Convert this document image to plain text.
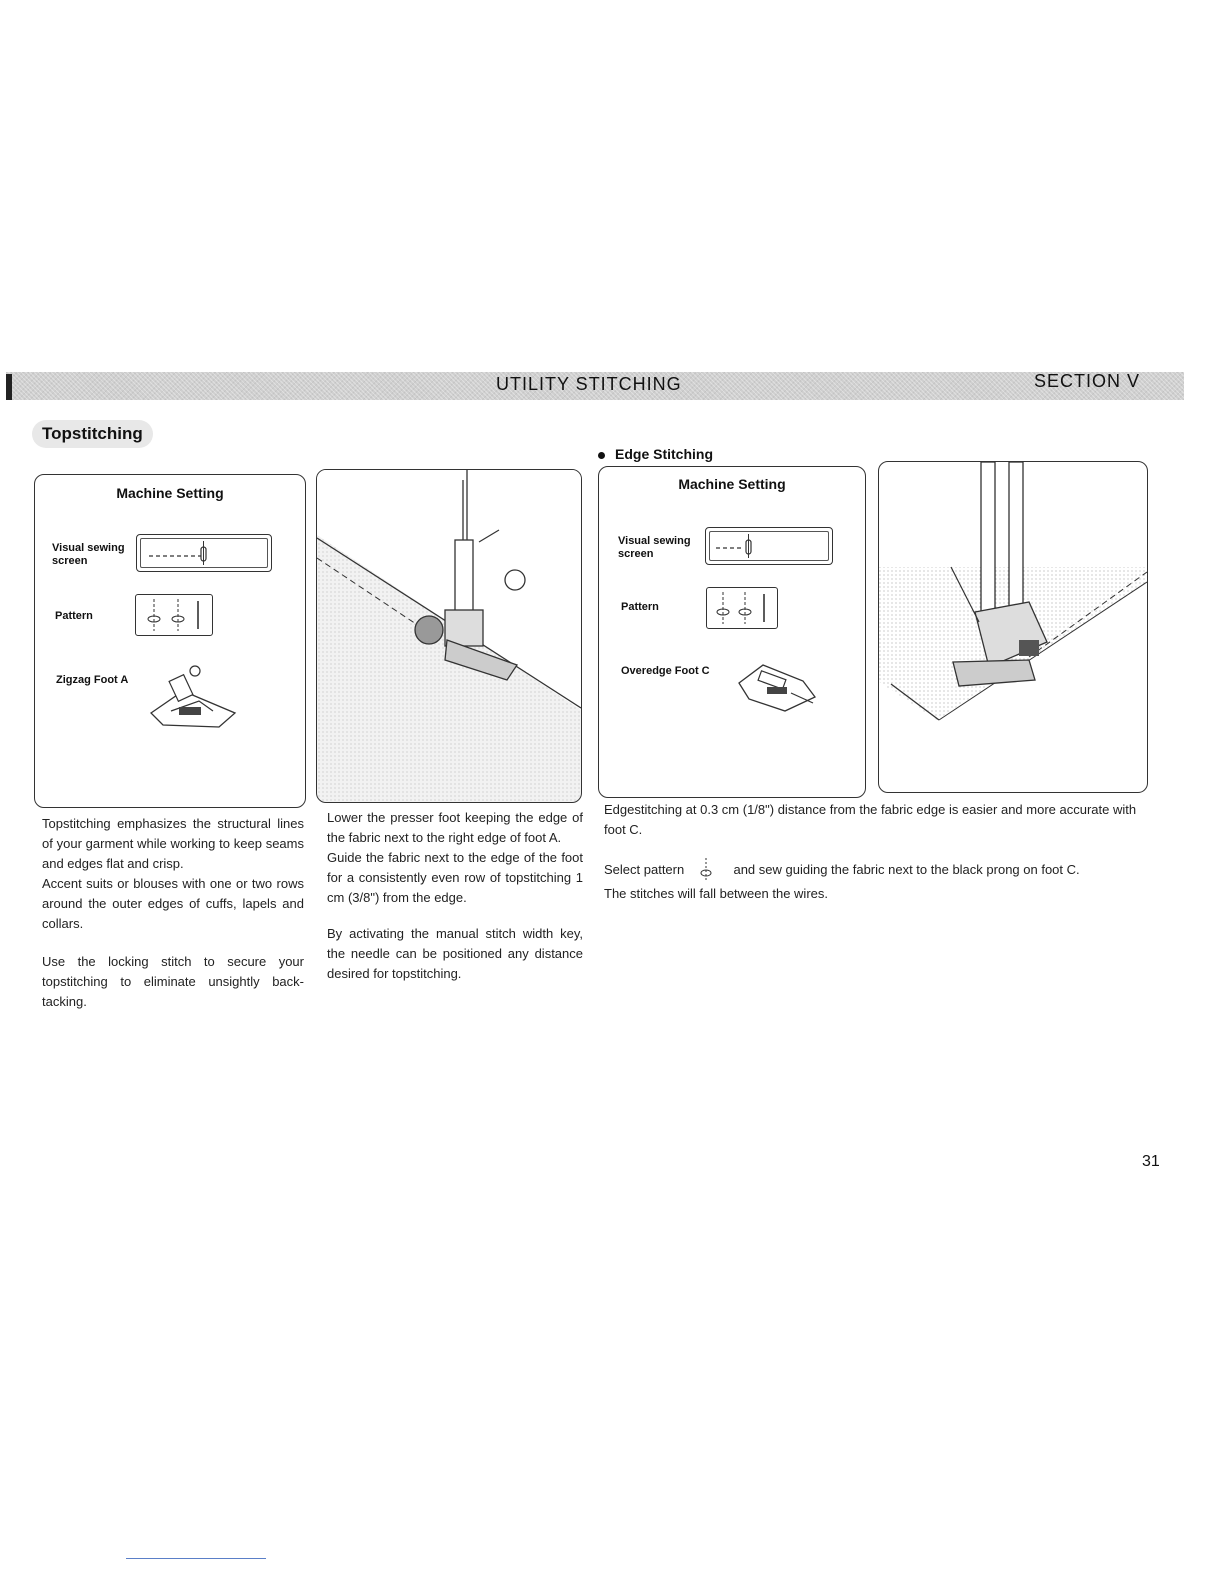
UTILITY STITCHING	SECTION V
Topstitching
Edge Stitching
Machine Setting
Visual sewing
screen
Pattern
Zigzag Foot A
Machine Setting
Visual sewing
screen
Pattern
Overedge Foot C

Topstitching emphasizes the structural lines of your garment while working to keep seams and edges flat and crisp.

Accent suits or blouses with one or two rows around the outer edges of cuffs, lapels and collars.

Use the locking stitch to secure your topstitching to eliminate unsightly back-tacking.

Lower the presser foot keeping the edge of the fabric next to the right edge of foot A.

Guide the fabric next to the edge of the foot for a consistently even row of topstitching 1 cm (3/8") from the edge.

By activating the manual stitch width key, the needle can be positioned any distance desired for topstitching.

Edgestitching at 0.3 cm (1/8") distance from the fabric edge is easier and more accurate with foot C.

Select pattern	and sew guiding the fabric next to the black prong on foot C.

The stitches will fall between the wires.

31
